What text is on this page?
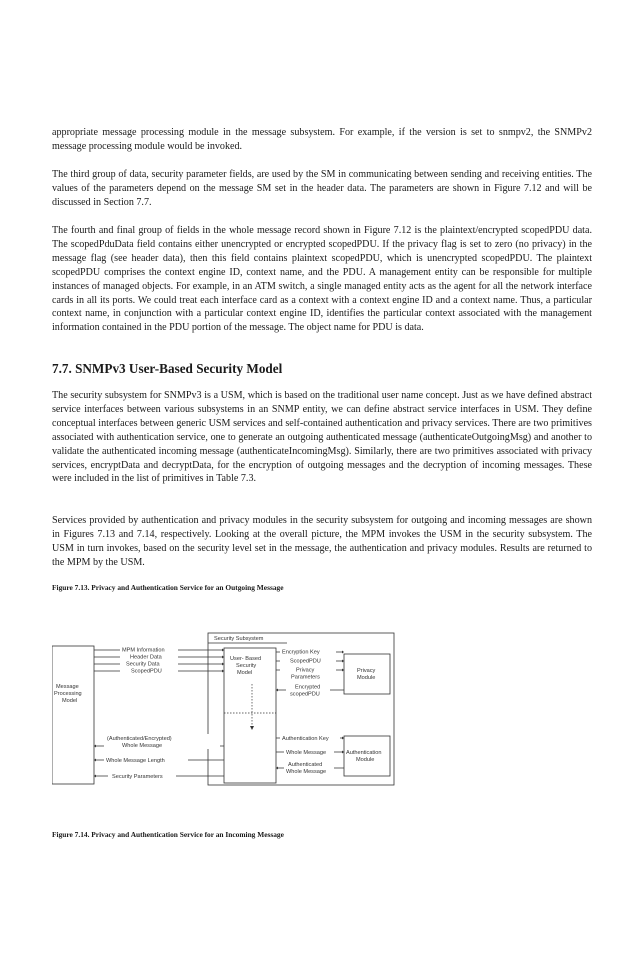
appropriate message processing module in the message subsystem. For example, if the version is set to snmpv2, the SNMPv2 message processing module would be invoked.

The third group of data, security parameter fields, are used by the SM in communicating between sending and receiving entities. The values of the parameters depend on the message SM set in the header data. The parameters are shown in Figure 7.12 and will be discussed in Section 7.7.

The fourth and final group of fields in the whole message record shown in Figure 7.12 is the plaintext/encrypted scopedPDU data. The scopedPduData field contains either unencrypted or encrypted scopedPDU. If the privacy flag is set to zero (no privacy) in the message flag (see header data), then this field contains plaintext scopedPDU, which is unencrypted scopedPDU. The plaintext scopedPDU comprises the context engine ID, context name, and the PDU. A management entity can be responsible for multiple instances of managed objects. For example, in an ATM switch, a single managed entity acts as the agent for all the network interface cards in all its ports. We could treat each interface card as a context with a context engine ID and a context name. Thus, a particular context name, in conjunction with a particular context engine ID, identifies the particular context associated with the management information contained in the PDU portion of the message. The object name for PDU is data.

7.7. SNMPv3 User-Based Security Model

The security subsystem for SNMPv3 is a USM, which is based on the traditional user name concept. Just as we have defined abstract service interfaces between various subsystems in an SNMP entity, we can define abstract service interfaces in USM. They define conceptual interfaces between generic USM services and self-contained authentication and privacy services. There are two primitives associated with authentication service, one to generate an outgoing authenticated message (authenticateOutgoingMsg) and another to validate the authenticated incoming message (authenticateIncomingMsg). Similarly, there are two primitives associated with privacy services, encryptData and decryptData, for the encryption of outgoing messages and the decryption of incoming messages. These were included in the list of primitives in Table 7.3.

Services provided by authentication and privacy modules in the security subsystem for outgoing and incoming messages are shown in Figures 7.13 and 7.14, respectively. Looking at the overall picture, the MPM invokes the USM in the security subsystem. The USM in turn invokes, based on the security level set in the message, the authentication and privacy modules. Results are returned to the MPM by the USM.

Figure 7.13. Privacy and Authentication Service for an Outgoing Message

Security Subsystem
Message
Processing
Model
User- Based
Security
Model	Privacy
Module
Authentication
Module
MPM Information
Header Data
Security Data
ScopedPDU
(Authenticated/Encrypted)
Whole Message
Whole Message Length
Security Parameters
Encryption Key
ScopedPDU
Privacy
Parameters
Encrypted
scopedPDU
Authentication Key
Whole Message
Authenticated
Whole Message

Figure 7.14. Privacy and Authentication Service for an Incoming Message
